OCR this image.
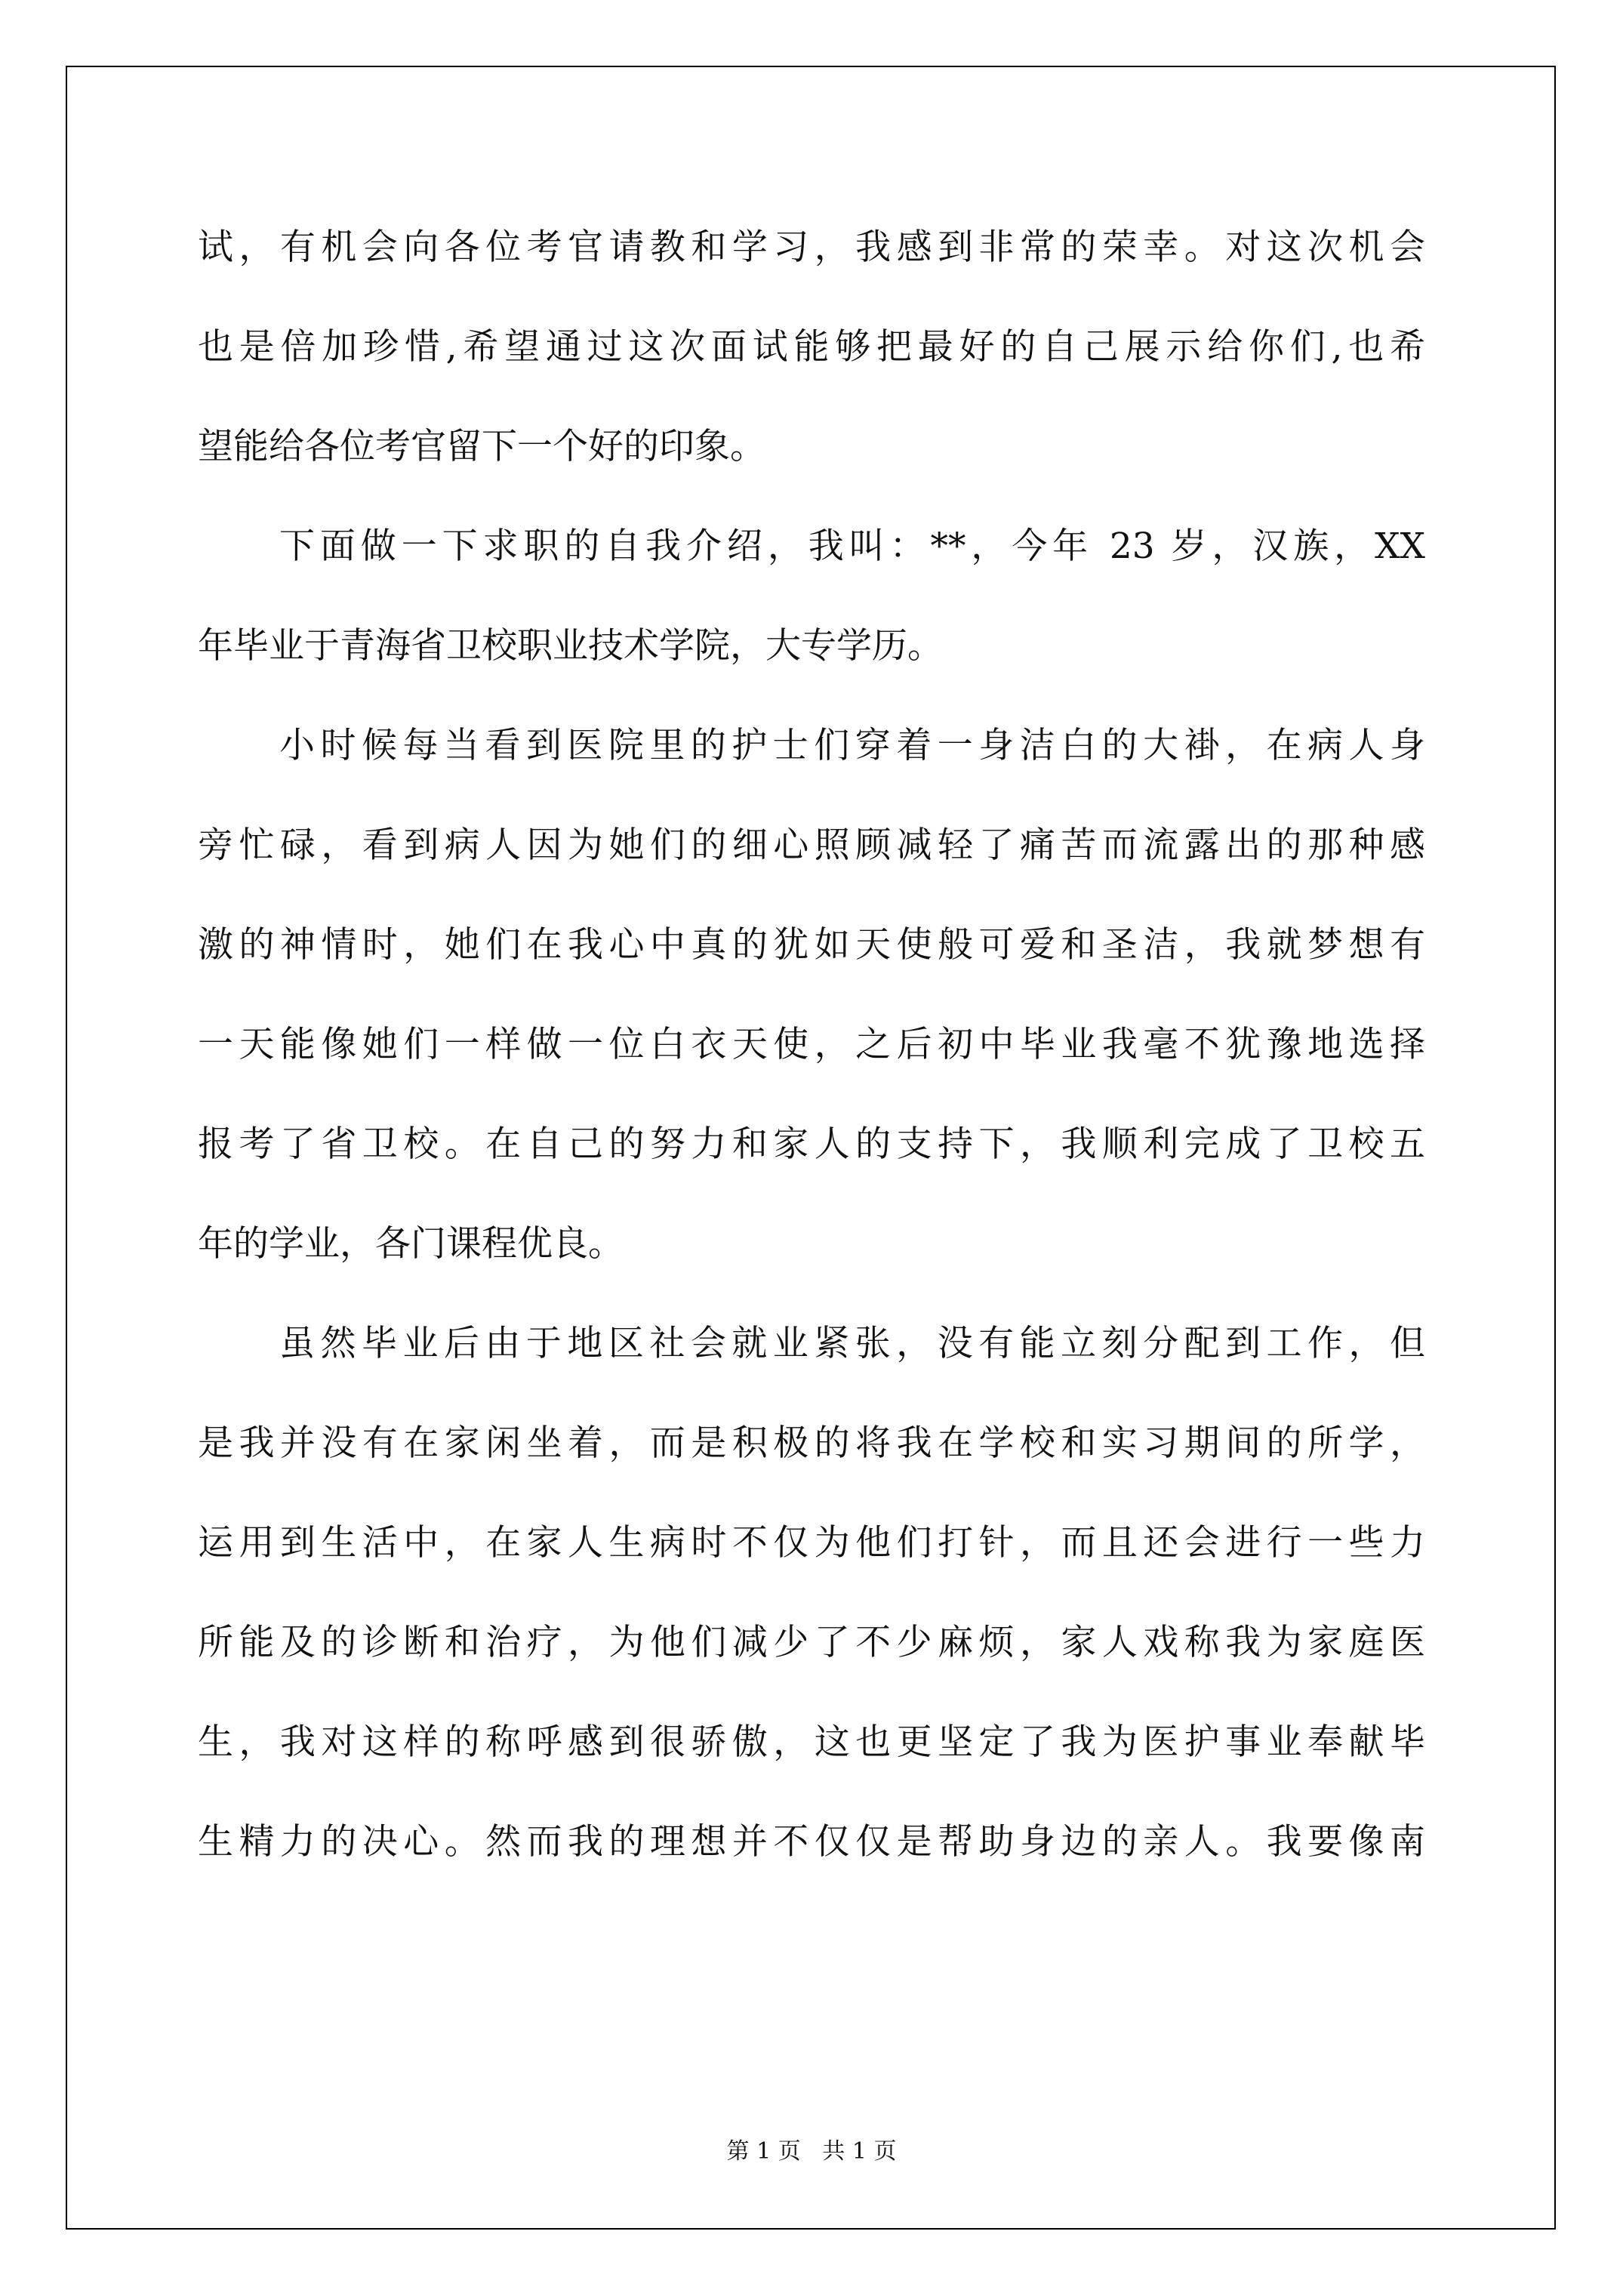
试，有机会向各位考官请教和学习，我感到非常的荣幸。对这次机会
也是倍加珍惜,希望通过这次面试能够把最好的自己展示给你们,也希
望能给各位考官留下一个好的印象。
下面做一下求职的自我介绍，我叫：**，今年 23 岁，汉族，XX
年毕业于青海省卫校职业技术学院，大专学历。
小时候每当看到医院里的护士们穿着一身洁白的大褂，在病人身
旁忙碌，看到病人因为她们的细心照顾减轻了痛苦而流露出的那种感
激的神情时，她们在我心中真的犹如天使般可爱和圣洁，我就梦想有
一天能像她们一样做一位白衣天使，之后初中毕业我毫不犹豫地选择
报考了省卫校。在自己的努力和家人的支持下，我顺利完成了卫校五
年的学业，各门课程优良。
虽然毕业后由于地区社会就业紧张，没有能立刻分配到工作，但
是我并没有在家闲坐着，而是积极的将我在学校和实习期间的所学，
运用到生活中，在家人生病时不仅为他们打针，而且还会进行一些力
所能及的诊断和治疗，为他们减少了不少麻烦，家人戏称我为家庭医
生，我对这样的称呼感到很骄傲，这也更坚定了我为医护事业奉献毕
生精力的决心。然而我的理想并不仅仅是帮助身边的亲人。我要像南
第 1 页   共 1 页
